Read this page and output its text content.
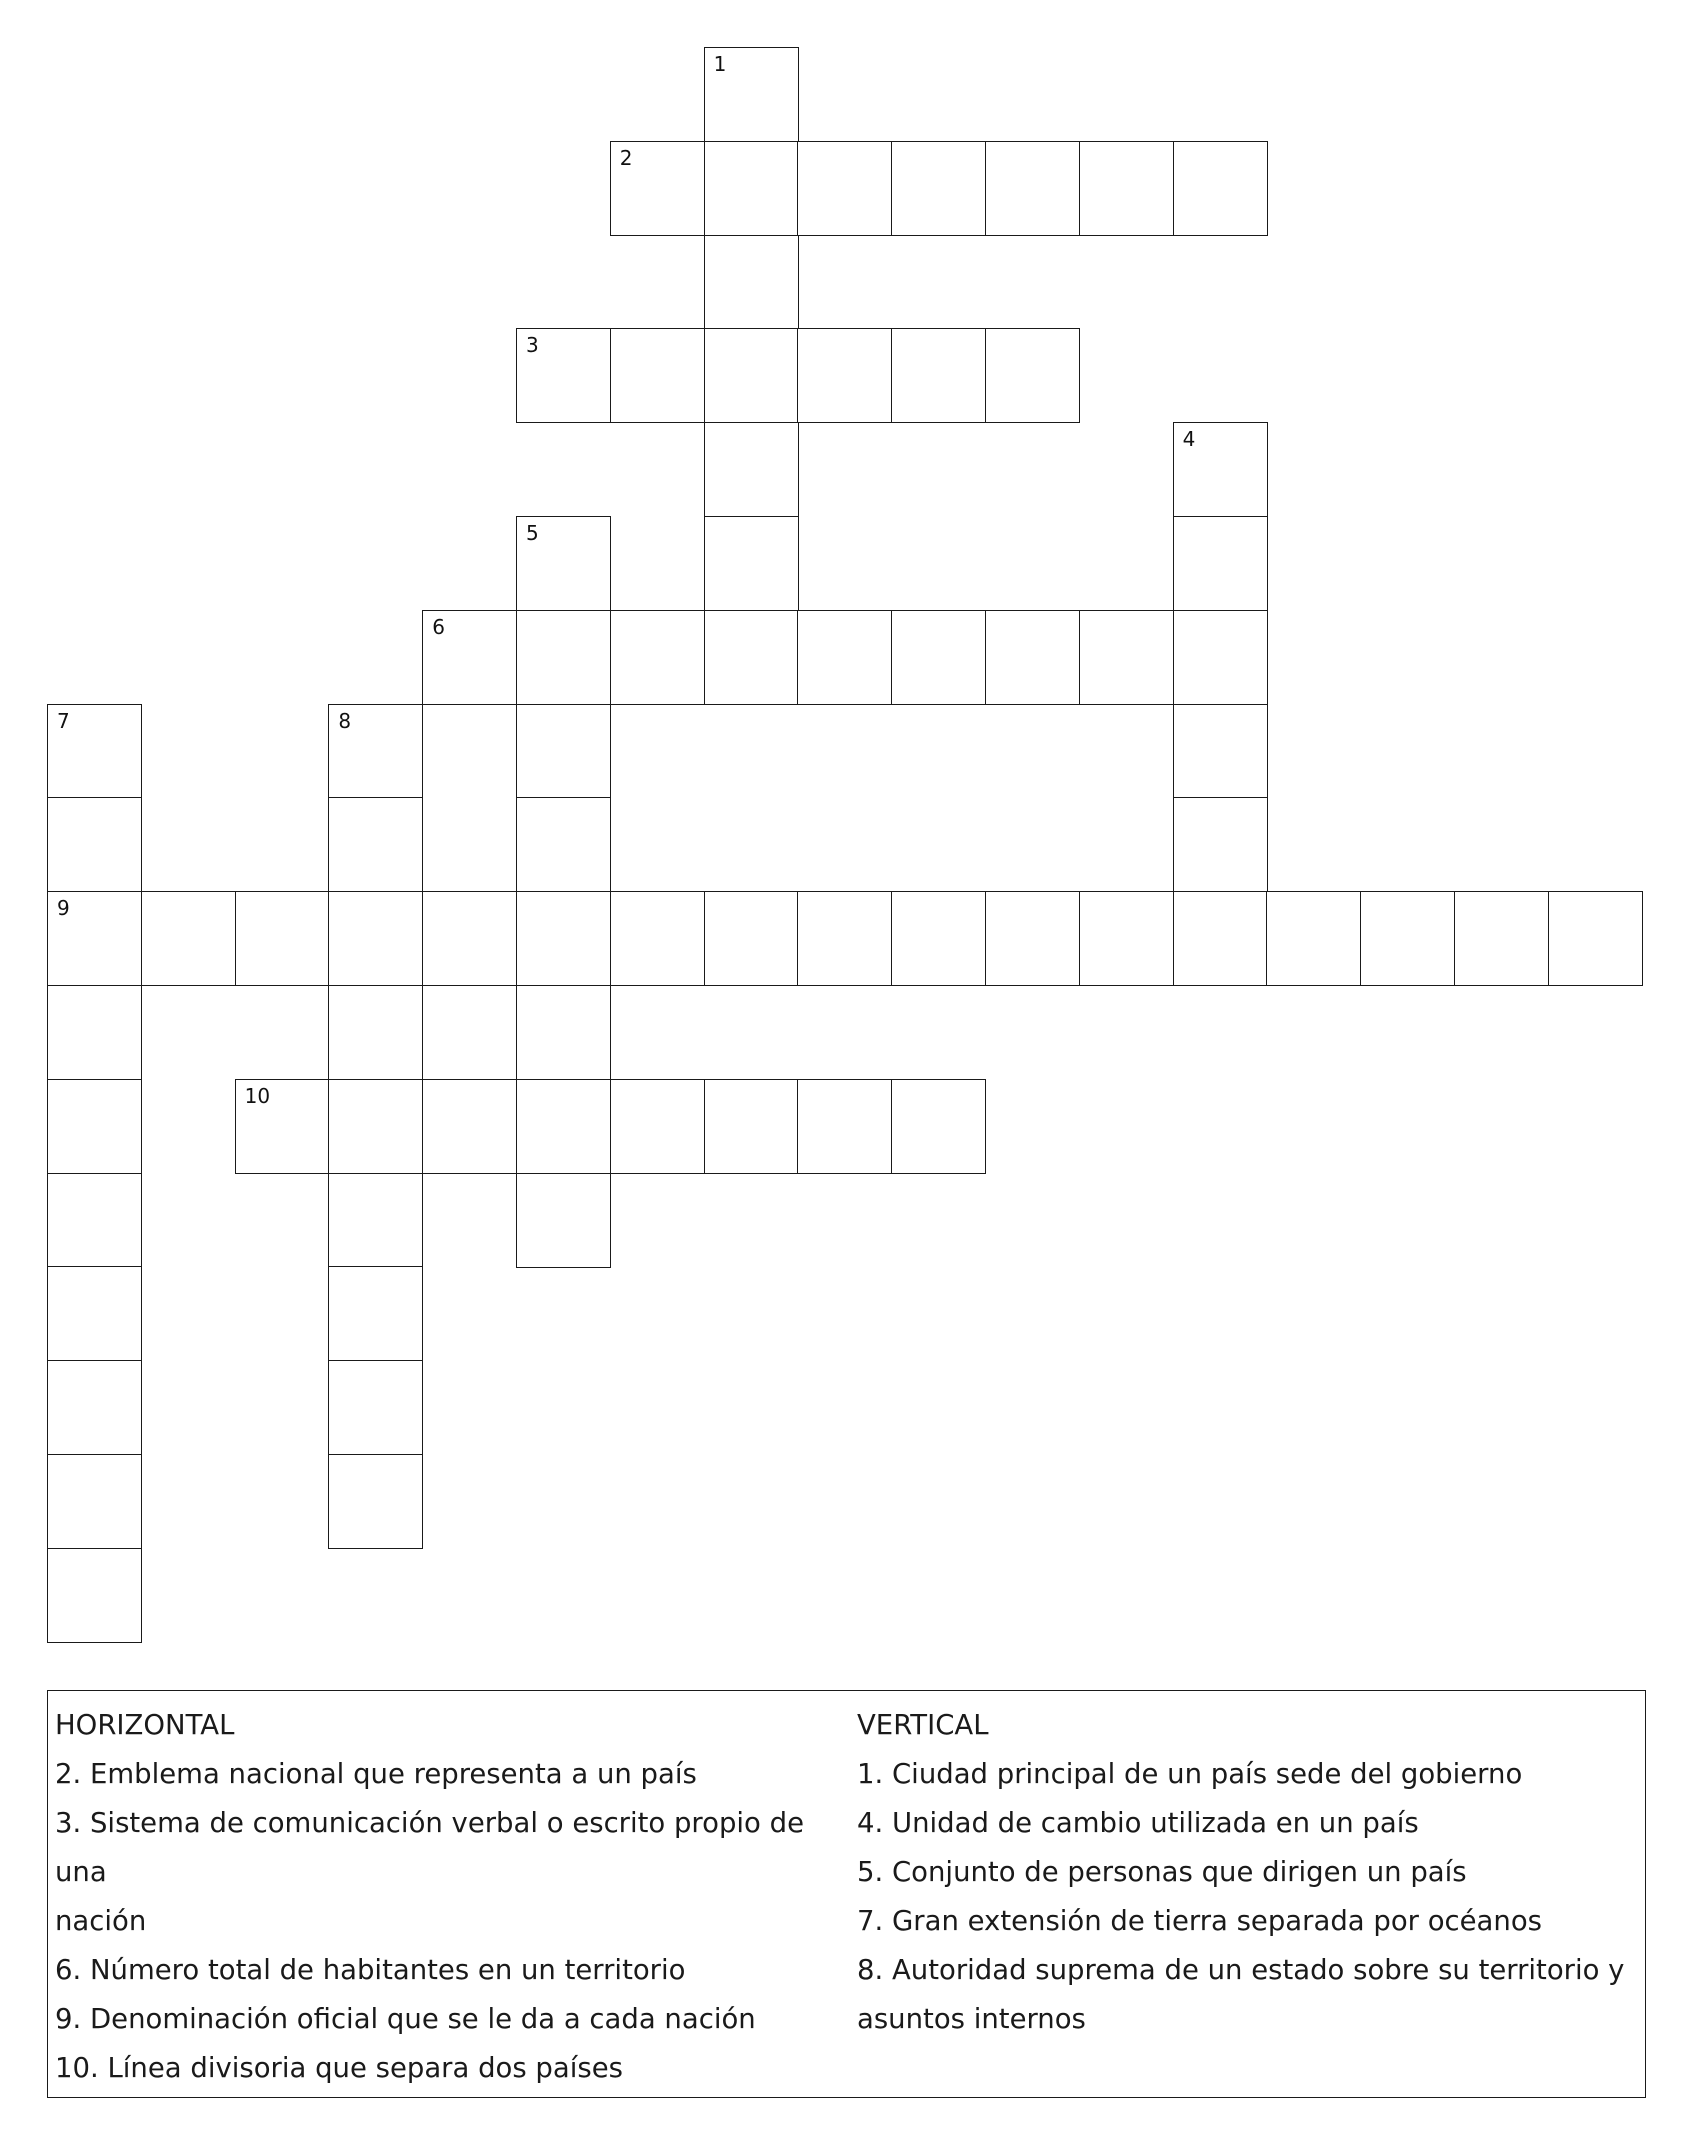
1
2
3
4
5
6
7	8
9
10

HORIZONTAL

2. Emblema nacional que representa a un país

3. Sistema de comunicación verbal o escrito propio de una

nación

6. Número total de habitantes en un territorio

9. Denominación oficial que se le da a cada nación

10. Línea divisoria que separa dos países

VERTICAL

1. Ciudad principal de un país sede del gobierno

4. Unidad de cambio utilizada en un país

5. Conjunto de personas que dirigen un país

7. Gran extensión de tierra separada por océanos

8. Autoridad suprema de un estado sobre su territorio y

asuntos internos
